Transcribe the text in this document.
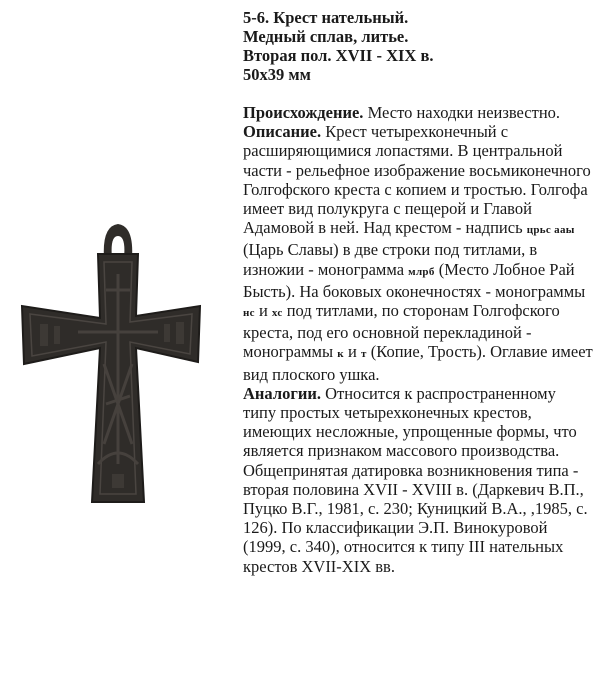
5-6. Крест нательный.
Медный сплав, литье.
Вторая пол. XVII - XIX в.
50х39 мм

Происхождение. Место находки неизвестно.
Описание. Крест четырехконечный с расширяющимися лопастями. В центральной части - рельефное изображение восьмиконечного Голгофского креста с копием и тростью. Голгофа имеет вид полукруга с пещерой и Главой Адамовой в ней. Над крестом - надпись црьс ааы (Царь Славы) в две строки под титлами, в изножии - монограмма млрб (Место Лобное Рай Бысть). На боковых оконечностях - монограммы нс и хс под титлами, по сторонам Голгофского креста, под его основной перекладиной - монограммы к и т (Копие, Трость). Оглавие имеет вид плоского ушка.
Аналогии. Относится к распространенному типу простых четырехконечных крестов, имеющих несложные, упрощенные формы, что является признаком массового производства. Общепринятая датировка возникновения типа - вторая половина XVII - XVIII в. (Даркевич В.П., Пуцко В.Г., 1981, с. 230; Куницкий В.А., ,1985, с. 126). По классификации Э.П. Винокуровой (1999, с. 340), относится к типу III нательных крестов XVII-XIX вв.
